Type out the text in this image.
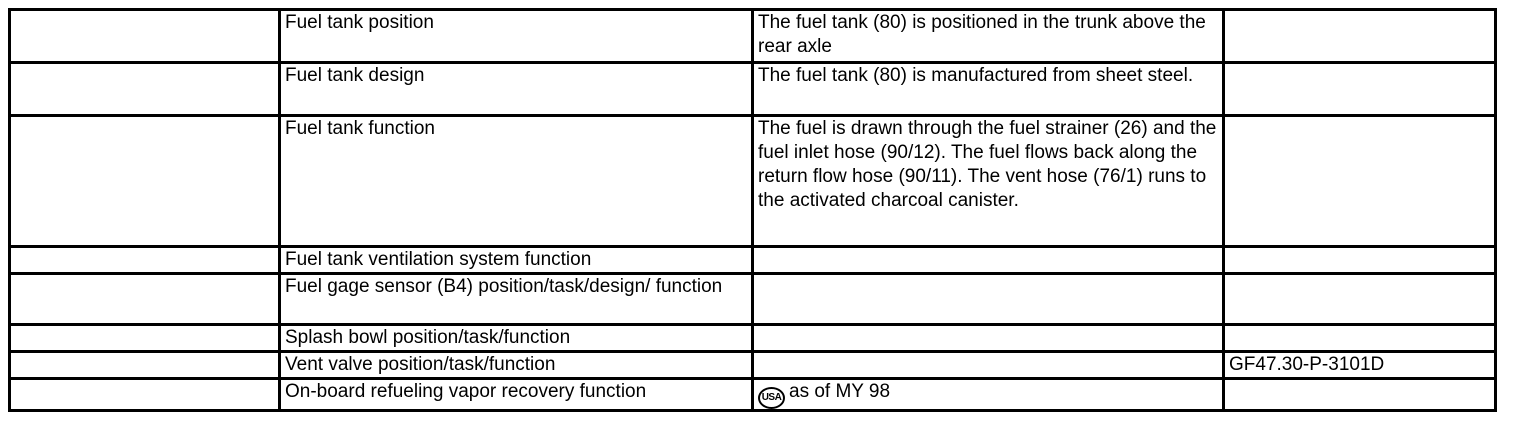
	Fuel tank position	The fuel tank (80) is positioned in the trunk above the rear axle	
	Fuel tank design	The fuel tank (80) is manufactured from sheet steel.	
	Fuel tank function	The fuel is drawn through the fuel strainer (26) and the fuel inlet hose (90/12). The fuel flows back along the return flow hose (90/11). The vent hose (76/1) runs to the activated charcoal canister.	
	Fuel tank ventilation system function		
	Fuel gage sensor (B4) position/task/design/ function		
	Splash bowl position/task/function		
	Vent valve position/task/function		GF47.30-P-3101D
	On-board refueling vapor recovery function	USA as of MY 98	
